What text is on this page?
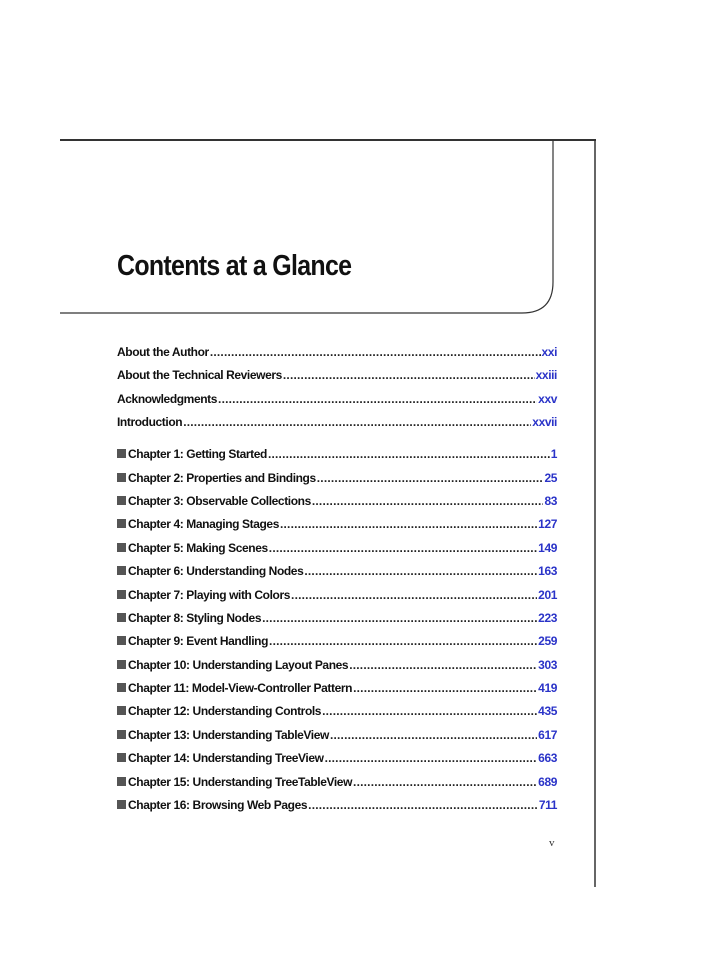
Contents at a Glance
About the Author .....	xxi
About the Technical Reviewers .....	xxiii
Acknowledgments .....	xxv
Introduction .....	xxvii
Chapter 1: Getting Started .....	1
Chapter 2: Properties and Bindings .....	25
Chapter 3: Observable Collections .....	83
Chapter 4: Managing Stages .....	127
Chapter 5: Making Scenes .....	149
Chapter 6: Understanding Nodes .....	163
Chapter 7: Playing with Colors .....	201
Chapter 8: Styling Nodes .....	223
Chapter 9: Event Handling .....	259
Chapter 10: Understanding Layout Panes .....	303
Chapter 11: Model-View-Controller Pattern .....	419
Chapter 12: Understanding Controls .....	435
Chapter 13: Understanding TableView .....	617
Chapter 14: Understanding TreeView .....	663
Chapter 15: Understanding TreeTableView .....	689
Chapter 16: Browsing Web Pages .....	711
v
